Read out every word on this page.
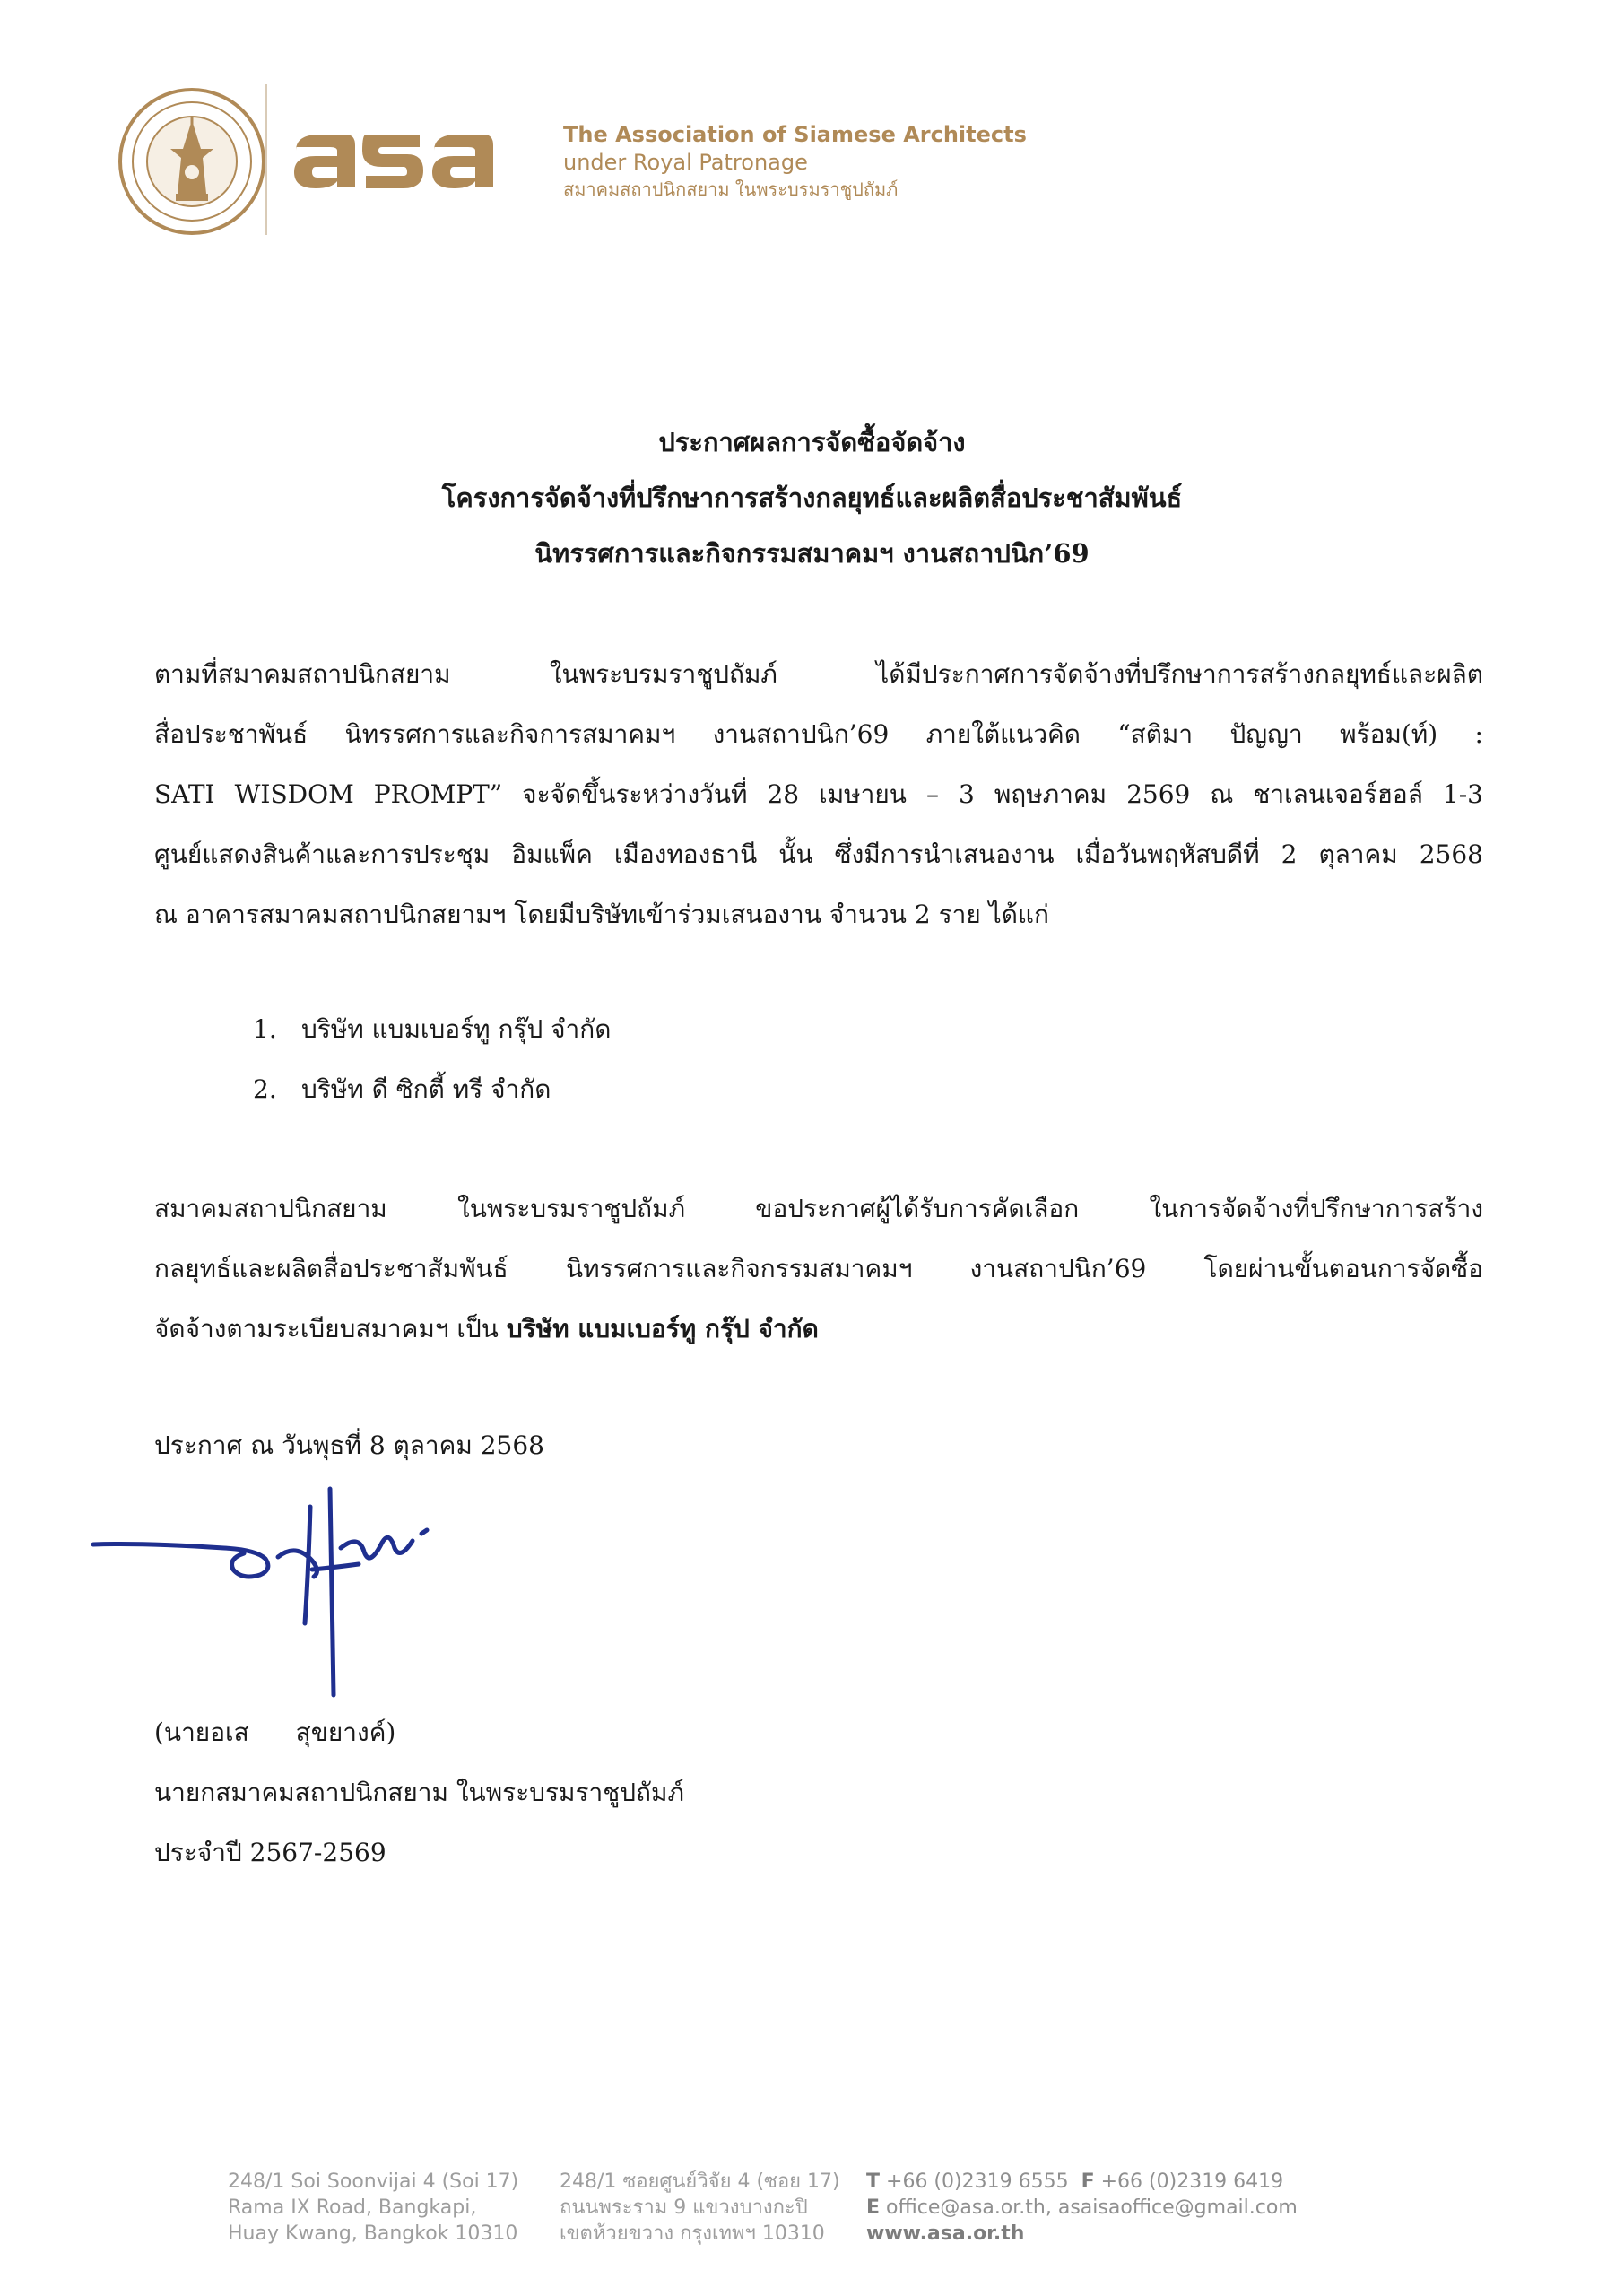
The Association of Siamese Architects
under Royal Patronage
สมาคมสถาปนิกสยาม ในพระบรมราชูปถัมภ์
ประกาศผลการจัดซื้อจัดจ้าง
โครงการจัดจ้างที่ปรึกษาการสร้างกลยุทธ์และผลิตสื่อประชาสัมพันธ์
นิทรรศการและกิจกรรมสมาคมฯ งานสถาปนิก’69
ตามที่สมาคมสถาปนิกสยาม ในพระบรมราชูปถัมภ์ ได้มีประกาศการจัดจ้างที่ปรึกษาการสร้างกลยุทธ์และผลิต
สื่อประชาพันธ์ นิทรรศการและกิจการสมาคมฯ งานสถาปนิก’69 ภายใต้แนวคิด “สติมา ปัญญา พร้อม(ท์) :
SATI WISDOM PROMPT” จะจัดขึ้นระหว่างวันที่ 28 เมษายน – 3 พฤษภาคม 2569 ณ ชาเลนเจอร์ฮอล์ 1-3
ศูนย์แสดงสินค้าและการประชุม อิมแพ็ค เมืองทองธานี นั้น ซึ่งมีการนำเสนองาน เมื่อวันพฤหัสบดีที่ 2 ตุลาคม 2568
ณ อาคารสมาคมสถาปนิกสยามฯ โดยมีบริษัทเข้าร่วมเสนองาน จำนวน 2 ราย ได้แก่
1. บริษัท แบมเบอร์ทู กรุ๊ป จำกัด
2. บริษัท ดี ซิกตี้ ทรี จำกัด
สมาคมสถาปนิกสยาม ในพระบรมราชูปถัมภ์ ขอประกาศผู้ได้รับการคัดเลือก ในการจัดจ้างที่ปรึกษาการสร้าง
กลยุทธ์และผลิตสื่อประชาสัมพันธ์ นิทรรศการและกิจกรรมสมาคมฯ งานสถาปนิก’69 โดยผ่านขั้นตอนการจัดซื้อ
จัดจ้างตามระเบียบสมาคมฯ เป็น บริษัท แบมเบอร์ทู กรุ๊ป จำกัด
ประกาศ ณ วันพุธที่ 8 ตุลาคม 2568
(นายอเส สุขยางค์)
นายกสมาคมสถาปนิกสยาม ในพระบรมราชูปถัมภ์
ประจำปี 2567-2569
248/1 Soi Soonvijai 4 (Soi 17)
Rama IX Road, Bangkapi,
Huay Kwang, Bangkok 10310
248/1 ซอยศูนย์วิจัย 4 (ซอย 17)
ถนนพระราม 9 แขวงบางกะปิ
เขตห้วยขวาง กรุงเทพฯ 10310
T +66 (0)2319 6555 F +66 (0)2319 6419
E office@asa.or.th, asaisaoffice@gmail.com
www.asa.or.th
